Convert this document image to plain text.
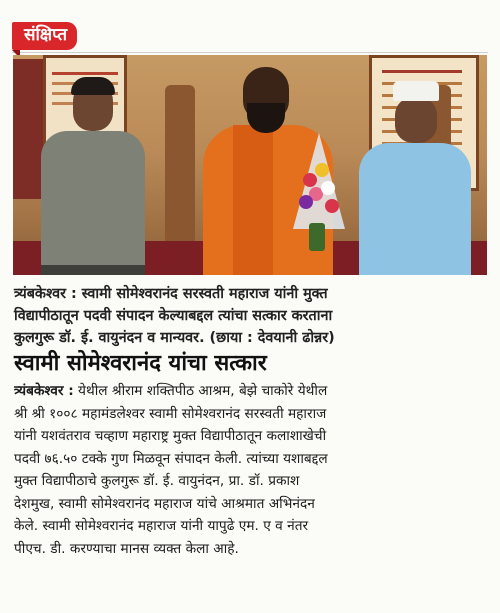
संक्षिप्त
त्र्यंबकेश्वर : स्वामी सोमेश्वरानंद सरस्वती महाराज यांनी मुक्त
विद्यापीठातून पदवी संपादन केल्याबद्दल त्यांचा सत्कार करताना
कुलगुरू डॉ. ई. वायुनंदन व मान्यवर. (छाया : देवयानी ढोन्नर)
स्वामी सोमेश्वरानंद यांचा सत्कार
त्र्यंबकेश्वर : येथील श्रीराम शक्तिपीठ आश्रम, बेझे चाकोरे येथील
श्री श्री १००८ महामंडलेश्वर स्वामी सोमेश्वरानंद सरस्वती महाराज
यांनी यशवंतराव चव्हाण महाराष्ट्र मुक्त विद्यापीठातून कलाशाखेची
पदवी ७६.५० टक्के गुण मिळवून संपादन केली. त्यांच्या यशाबद्दल
मुक्त विद्यापीठाचे कुलगुरू डॉ. ई. वायुनंदन, प्रा. डॉ. प्रकाश
देशमुख, स्वामी सोमेश्वरानंद महाराज यांचे आश्रमात अभिनंदन
केले. स्वामी सोमेश्वरानंद महाराज यांनी यापुढे एम. ए व नंतर
पीएच. डी. करण्याचा मानस व्यक्त केला आहे.
